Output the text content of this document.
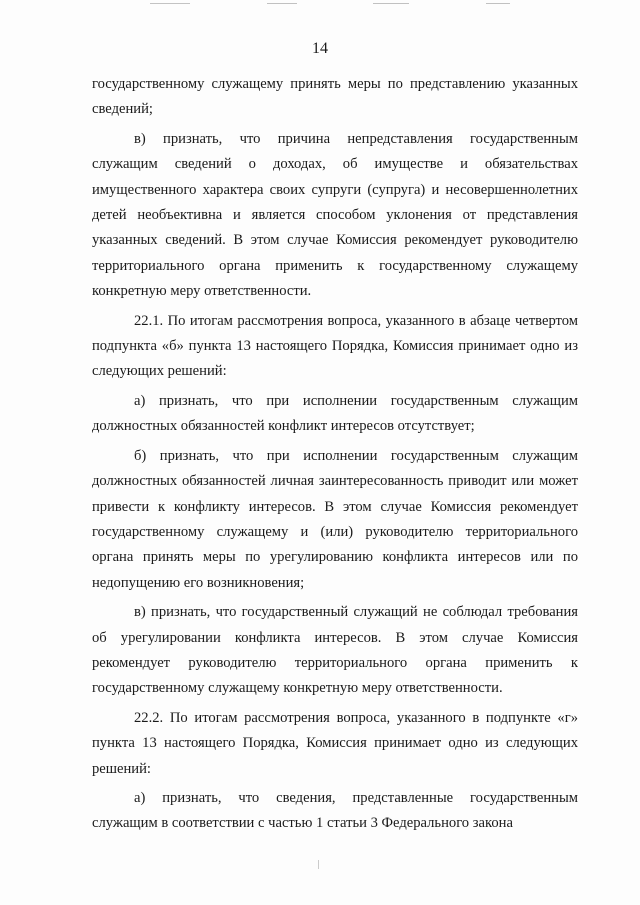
14

государственному служащему принять меры по представлению указанных сведений;

в) признать, что причина непредставления государственным служащим сведений о доходах, об имуществе и обязательствах имущественного характера своих супруги (супруга) и несовершеннолетних детей необъективна и является способом уклонения от представления указанных сведений. В этом случае Комиссия рекомендует руководителю территориального органа применить к государственному служащему конкретную меру ответственности.

22.1. По итогам рассмотрения вопроса, указанного в абзаце четвертом подпункта «б» пункта 13 настоящего Порядка, Комиссия принимает одно из следующих решений:

а) признать, что при исполнении государственным служащим должностных обязанностей конфликт интересов отсутствует;

б) признать, что при исполнении государственным служащим должностных обязанностей личная заинтересованность приводит или может привести к конфликту интересов. В этом случае Комиссия рекомендует государственному служащему и (или) руководителю территориального органа принять меры по урегулированию конфликта интересов или по недопущению его возникновения;

в) признать, что государственный служащий не соблюдал требования об урегулировании конфликта интересов. В этом случае Комиссия рекомендует руководителю территориального органа применить к государственному служащему конкретную меру ответственности.

22.2. По итогам рассмотрения вопроса, указанного в подпункте «г» пункта 13 настоящего Порядка, Комиссия принимает одно из следующих решений:

а) признать, что сведения, представленные государственным служащим в соответствии с частью 1 статьи 3 Федерального закона
